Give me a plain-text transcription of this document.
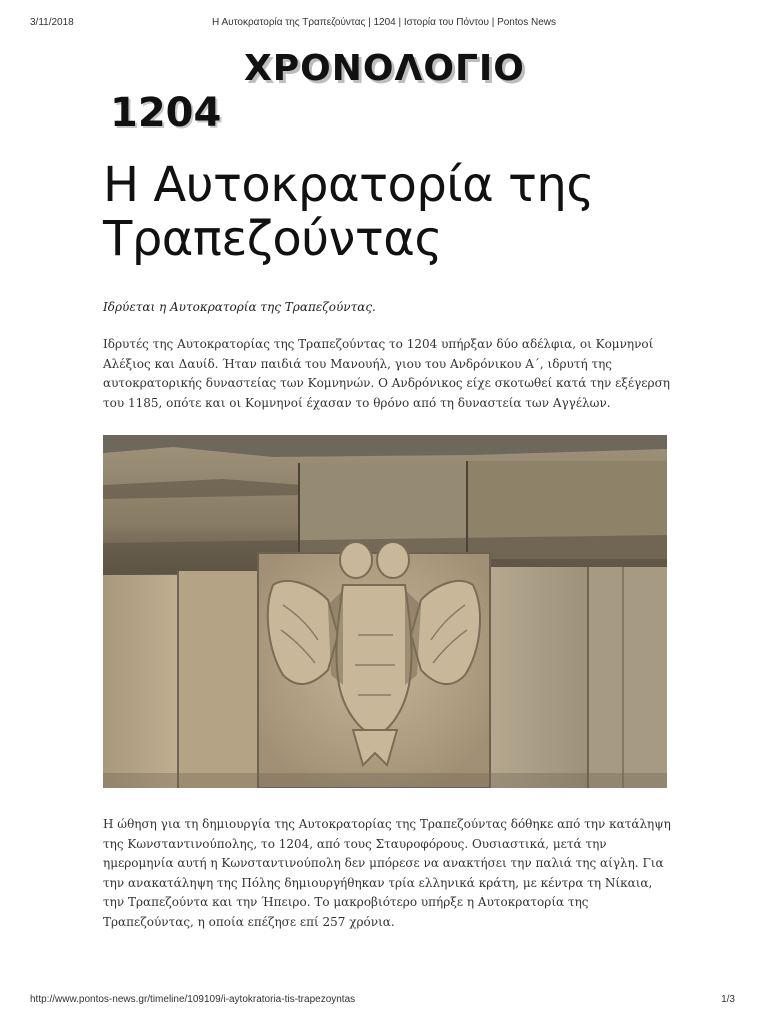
3/11/2018	Η Αυτοκρατορία της Τραπεζούντας | 1204 | Ιστορία του Πόντου | Pontos News
ΧΡΟΝΟΛΟΓΙΟ
1204
Η Αυτοκρατορία της Τραπεζούντας

Ιδρύεται η Αυτοκρατορία της Τραπεζούντας.

Ιδρυτές της Αυτοκρατορίας της Τραπεζούντας το 1204 υπήρξαν δύο αδέλφια, οι Κομνηνοί Αλέξιος και Δαυίδ. Ήταν παιδιά του Μανουήλ, γιου του Ανδρόνικου Α΄, ιδρυτή της αυτοκρατορικής δυναστείας των Κομνηνών. Ο Ανδρόνικος είχε σκοτωθεί κατά την εξέγερση του 1185, οπότε και οι Κομνηνοί έχασαν το θρόνο από τη δυναστεία των Αγγέλων.

Η ώθηση για τη δημιουργία της Αυτοκρατορίας της Τραπεζούντας δόθηκε από την κατάληψη της Κωνσταντινούπολης, το 1204, από τους Σταυροφόρους. Ουσιαστικά, μετά την ημερομηνία αυτή η Κωνσταντινούπολη δεν μπόρεσε να ανακτήσει την παλιά της αίγλη. Για την ανακατάληψη της Πόλης δημιουργήθηκαν τρία ελληνικά κράτη, με κέντρα τη Νίκαια, την Τραπεζούντα και την Ήπειρο. Το μακροβιότερο υπήρξε η Αυτοκρατορία της Τραπεζούντας, η οποία επέζησε επί 257 χρόνια.

http://www.pontos-news.gr/timeline/109109/i-aytokratoria-tis-trapezoyntas	1/3
